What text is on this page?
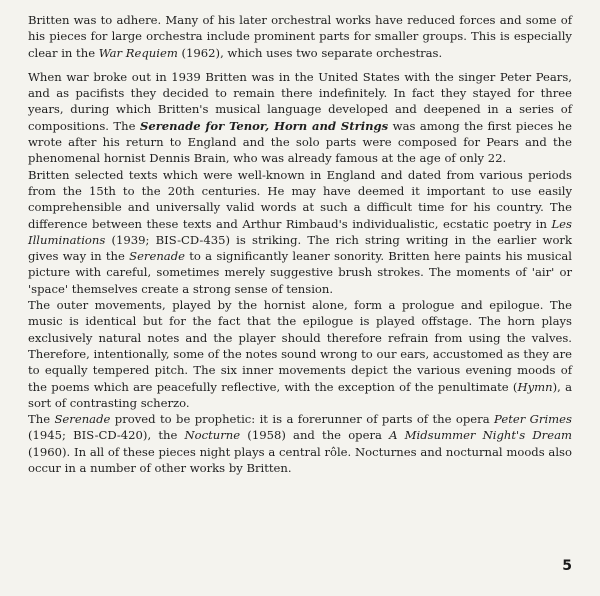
Britten was to adhere. Many of his later orchestral works have reduced forces and some of his pieces for large orchestra include prominent parts for smaller groups. This is especially clear in the War Requiem (1962), which uses two separate orchestras.

When war broke out in 1939 Britten was in the United States with the singer Peter Pears, and as pacifists they decided to remain there indefinitely. In fact they stayed for three years, during which Britten's musical language developed and deepened in a series of compositions. The Serenade for Tenor, Horn and Strings was among the first pieces he wrote after his return to England and the solo parts were composed for Pears and the phenomenal hornist Dennis Brain, who was already famous at the age of only 22.

Britten selected texts which were well-known in England and dated from various periods from the 15th to the 20th centuries. He may have deemed it important to use easily comprehensible and universally valid words at such a difficult time for his country. The difference between these texts and Arthur Rimbaud's individualistic, ecstatic poetry in Les Illuminations (1939; BIS-CD-435) is striking. The rich string writing in the earlier work gives way in the Serenade to a significantly leaner sonority. Britten here paints his musical picture with careful, sometimes merely suggestive brush strokes. The moments of 'air' or 'space' themselves create a strong sense of tension.

The outer movements, played by the hornist alone, form a prologue and epilogue. The music is identical but for the fact that the epilogue is played offstage. The horn plays exclusively natural notes and the player should therefore refrain from using the valves. Therefore, intentionally, some of the notes sound wrong to our ears, accustomed as they are to equally tempered pitch. The six inner movements depict the various evening moods of the poems which are peacefully reflective, with the exception of the penultimate (Hymn), a sort of contrasting scherzo.

The Serenade proved to be prophetic: it is a forerunner of parts of the opera Peter Grimes (1945; BIS-CD-420), the Nocturne (1958) and the opera A Midsummer Night's Dream (1960). In all of these pieces night plays a central rôle. Nocturnes and nocturnal moods also occur in a number of other works by Britten.

5
